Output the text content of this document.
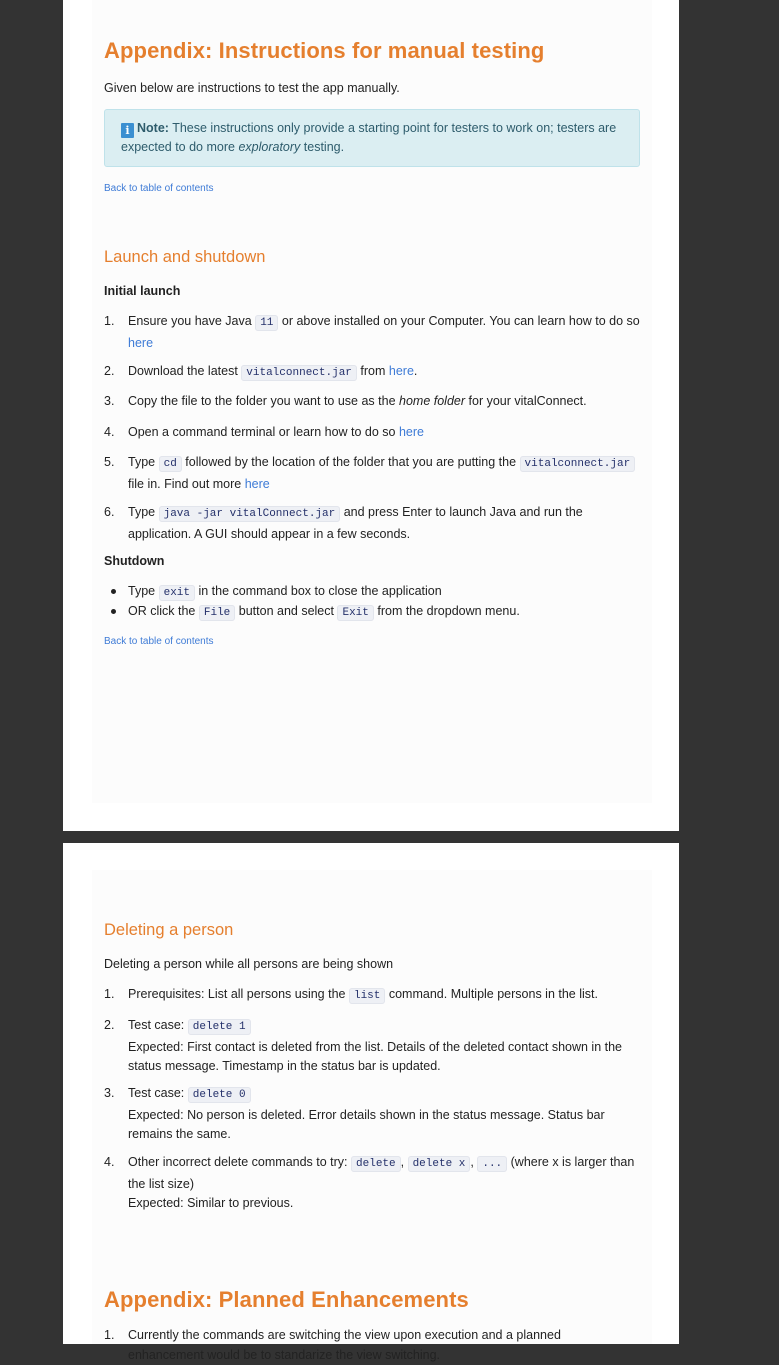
Appendix: Instructions for manual testing

Given below are instructions to test the app manually.

i Note: These instructions only provide a starting point for testers to work on; testers are expected to do more exploratory testing.
Back to table of contents
Launch and shutdown
Initial launch
1. Ensure you have Java 11 or above installed on your Computer. You can learn how to do so
here
2. Download the latest vitalconnect.jar from here.
3. Copy the file to the folder you want to use as the home folder for your vitalConnect.
4. Open a command terminal or learn how to do so here
5. Type cd followed by the location of the folder that you are putting the vitalconnect.jar
file in. Find out more here
6. Type java -jar vitalConnect.jar and press Enter to launch Java and run the application. A GUI should appear in a few seconds.
Shutdown
Type exit in the command box to close the application
OR click the File button and select Exit from the dropdown menu.
Back to table of contents
Deleting a person

Deleting a person while all persons are being shown

1. Prerequisites: List all persons using the list command. Multiple persons in the list.
2. Test case: delete 1
Expected: First contact is deleted from the list. Details of the deleted contact shown in the status message. Timestamp in the status bar is updated.
3. Test case: delete 0
Expected: No person is deleted. Error details shown in the status message. Status bar remains the same.
4. Other incorrect delete commands to try: delete , delete x , ... (where x is larger than the list size)
Expected: Similar to previous.
Appendix: Planned Enhancements
1. Currently the commands are switching the view upon execution and a planned enhancement would be to standarize the view switching.
